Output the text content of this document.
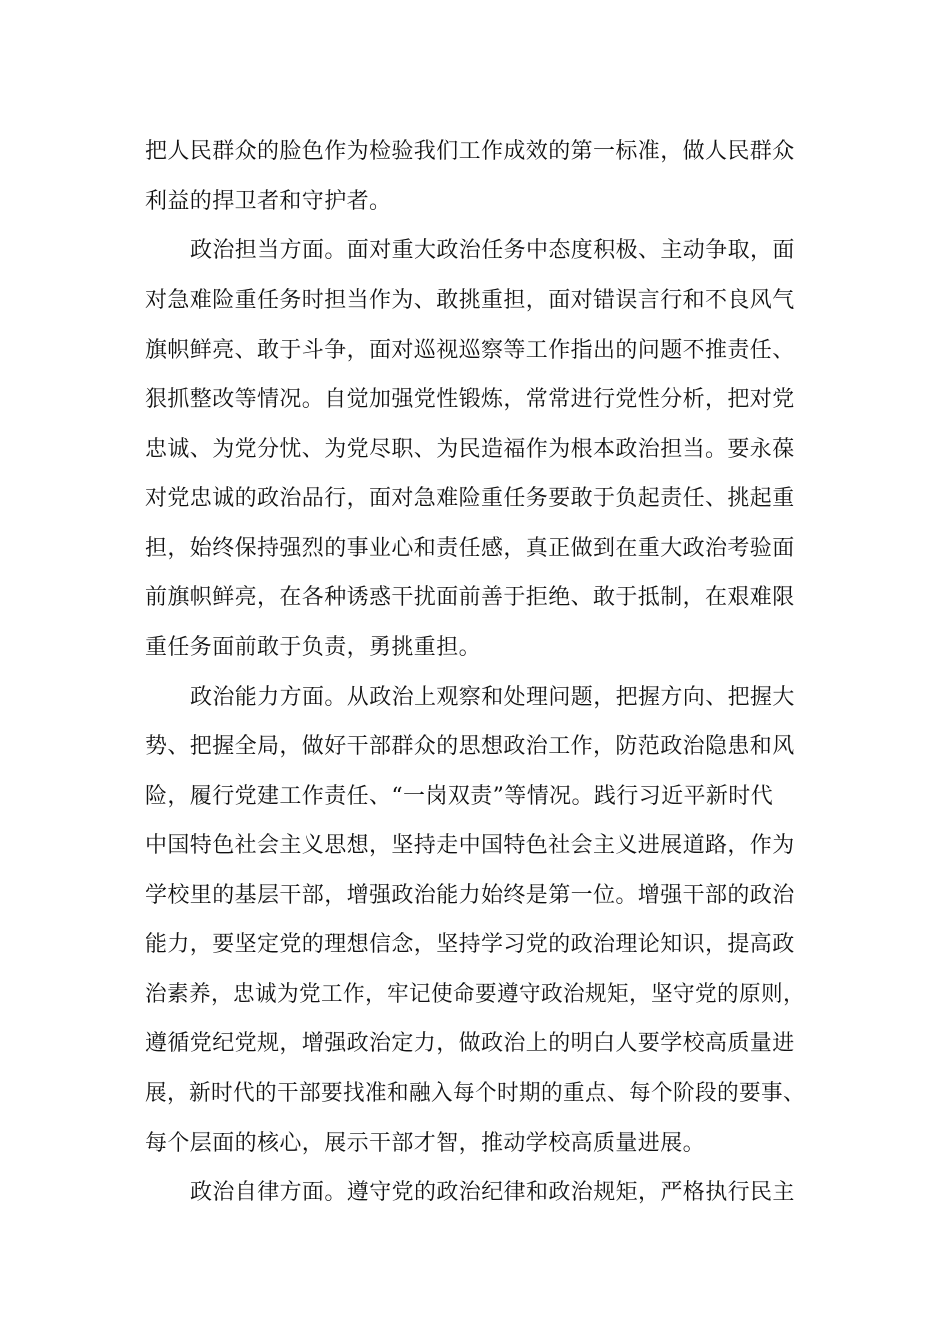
把人民群众的脸色作为检验我们工作成效的第一标准，做人民群众
利益的捍卫者和守护者。
政治担当方面。面对重大政治任务中态度积极、主动争取，面
对急难险重任务时担当作为、敢挑重担，面对错误言行和不良风气
旗帜鲜亮、敢于斗争，面对巡视巡察等工作指出的问题不推责任、
狠抓整改等情况。自觉加强党性锻炼，常常进行党性分析，把对党
忠诚、为党分忧、为党尽职、为民造福作为根本政治担当。要永葆
对党忠诚的政治品行，面对急难险重任务要敢于负起责任、挑起重
担，始终保持强烈的事业心和责任感，真正做到在重大政治考验面
前旗帜鲜亮，在各种诱惑干扰面前善于拒绝、敢于抵制，在艰难限
重任务面前敢于负责，勇挑重担。
政治能力方面。从政治上观察和处理问题，把握方向、把握大
势、把握全局，做好干部群众的思想政治工作，防范政治隐患和风
险，履行党建工作责任、“一岗双责”等情况。践行习近平新时代
中国特色社会主义思想，坚持走中国特色社会主义进展道路，作为
学校里的基层干部，增强政治能力始终是第一位。增强干部的政治
能力，要坚定党的理想信念，坚持学习党的政治理论知识，提高政
治素养，忠诚为党工作，牢记使命要遵守政治规矩，坚守党的原则，
遵循党纪党规，增强政治定力，做政治上的明白人要学校高质量进
展，新时代的干部要找准和融入每个时期的重点、每个阶段的要事、
每个层面的核心，展示干部才智，推动学校高质量进展。
政治自律方面。遵守党的政治纪律和政治规矩，严格执行民主
